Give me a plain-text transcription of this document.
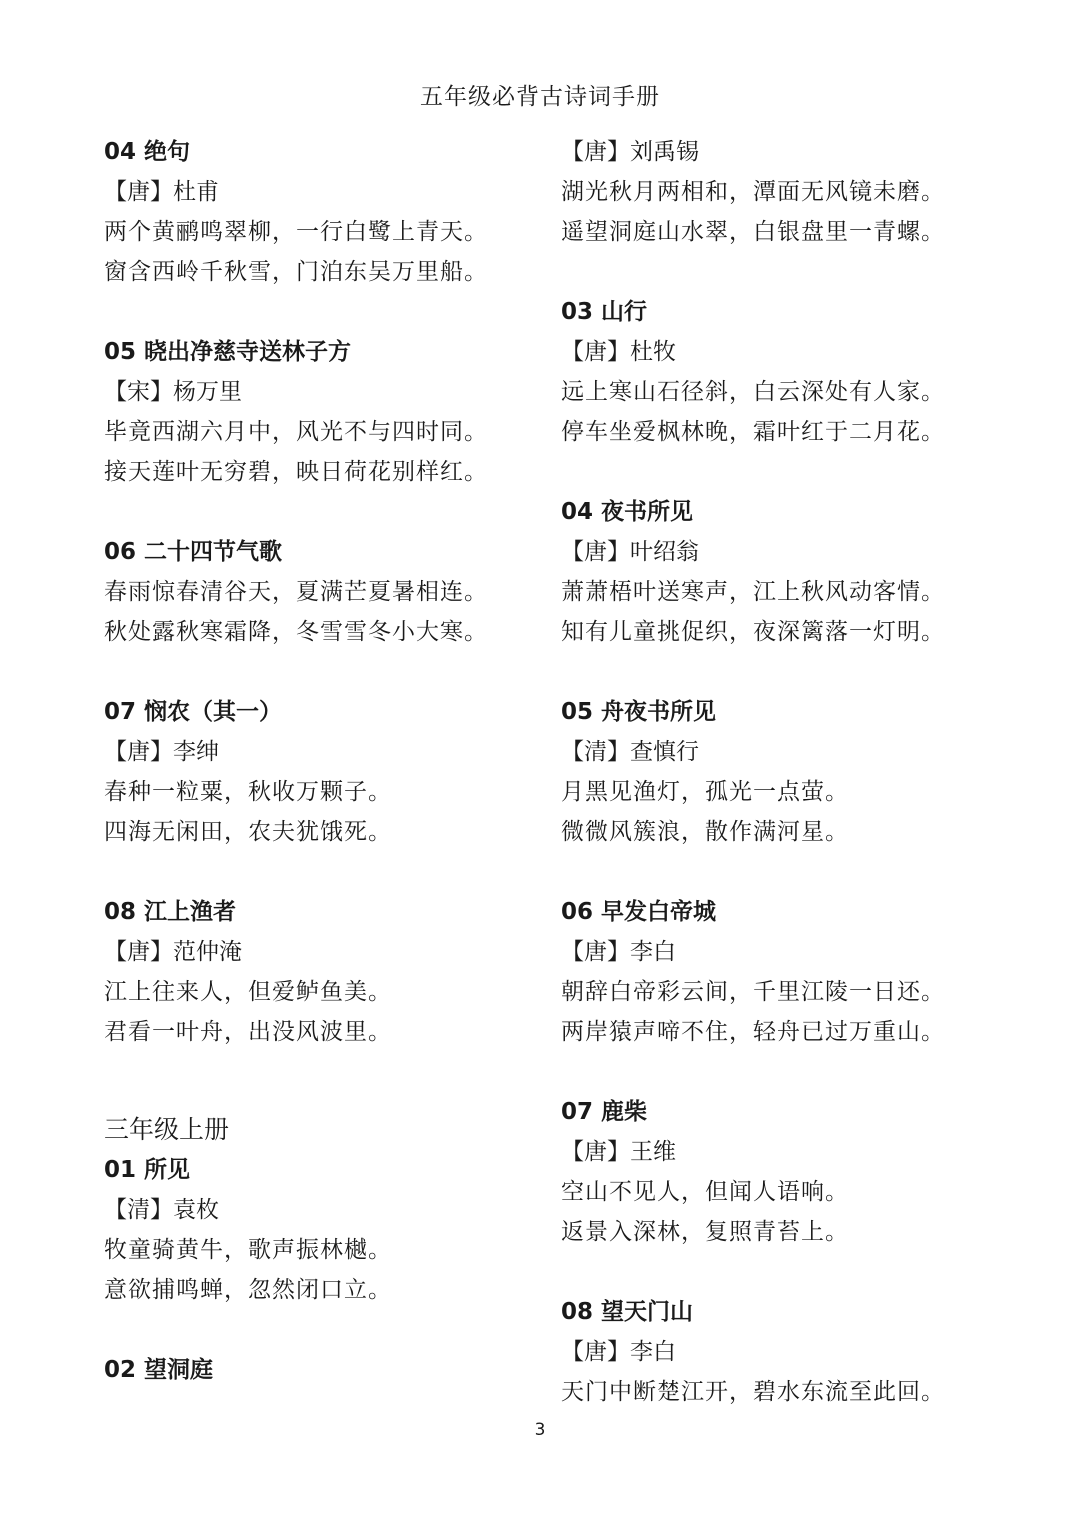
五年级必背古诗词手册
04 绝句
【唐】杜甫
两个黄鹂鸣翠柳，一行白鹭上青天。
窗含西岭千秋雪，门泊东吴万里船。
05 晓出净慈寺送林子方
【宋】杨万里
毕竟西湖六月中，风光不与四时同。
接天莲叶无穷碧，映日荷花别样红。
06 二十四节气歌
春雨惊春清谷天，夏满芒夏暑相连。
秋处露秋寒霜降，冬雪雪冬小大寒。
07 悯农（其一）
【唐】李绅
春种一粒粟，秋收万颗子。
四海无闲田，农夫犹饿死。
08 江上渔者
【唐】范仲淹
江上往来人，但爱鲈鱼美。
君看一叶舟，出没风波里。
三年级上册
01 所见
【清】袁枚
牧童骑黄牛，歌声振林樾。
意欲捕鸣蝉，忽然闭口立。
02 望洞庭
【唐】刘禹锡
湖光秋月两相和，潭面无风镜未磨。
遥望洞庭山水翠，白银盘里一青螺。
03 山行
【唐】杜牧
远上寒山石径斜，白云深处有人家。
停车坐爱枫林晚，霜叶红于二月花。
04 夜书所见
【唐】叶绍翁
萧萧梧叶送寒声，江上秋风动客情。
知有儿童挑促织，夜深篱落一灯明。
05 舟夜书所见
【清】查慎行
月黑见渔灯，孤光一点萤。
微微风簇浪，散作满河星。
06 早发白帝城
【唐】李白
朝辞白帝彩云间，千里江陵一日还。
两岸猿声啼不住，轻舟已过万重山。
07 鹿柴
【唐】王维
空山不见人，但闻人语响。
返景入深林，复照青苔上。
08 望天门山
【唐】李白
天门中断楚江开，碧水东流至此回。
3
